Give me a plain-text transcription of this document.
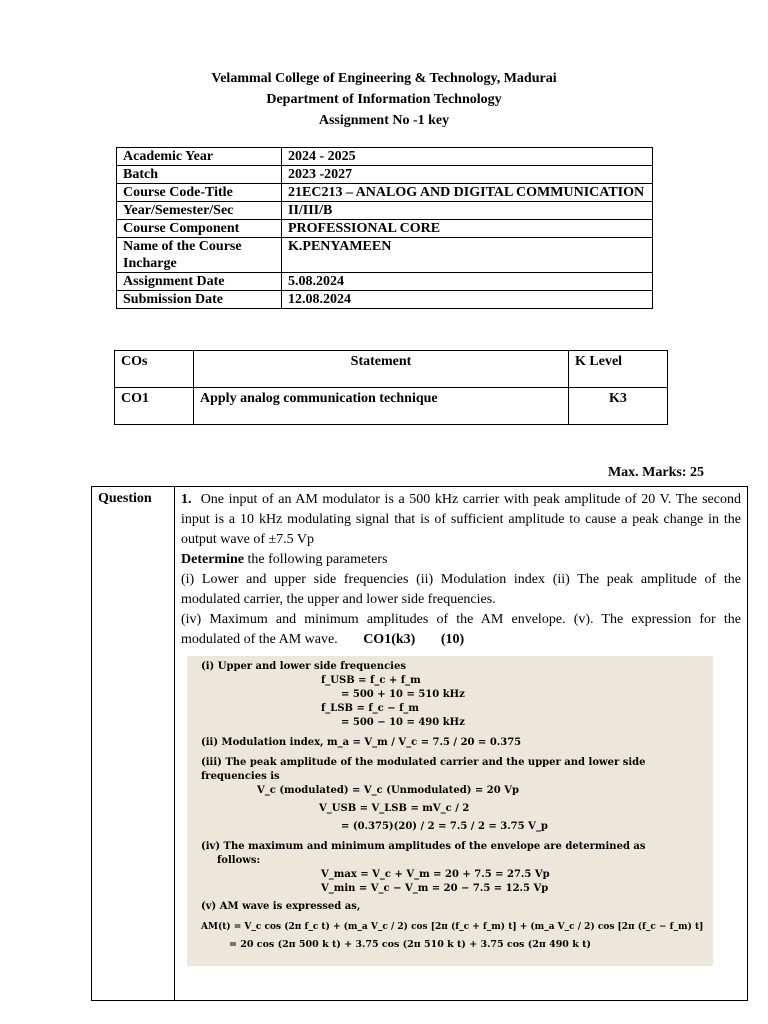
Velammal College of Engineering & Technology, Madurai
Department of Information Technology
Assignment No -1 key
Academic Year	2024 - 2025
Batch	2023 -2027
Course Code-Title	21EC213 – ANALOG AND DIGITAL COMMUNICATION
Year/Semester/Sec	II/III/B
Course Component	PROFESSIONAL CORE
Name of the Course Incharge	K.PENYAMEEN
Assignment Date	5.08.2024
Submission Date	12.08.2024
COs	Statement	K Level
CO1	Apply analog communication technique	K3
Max. Marks: 25
Question	1. One input of an AM modulator is a 500 kHz carrier with peak amplitude of 20 V. The second input is a 10 kHz modulating signal that is of sufficient amplitude to cause a peak change in the output wave of ±7.5 Vp
Determine the following parameters
(i) Lower and upper side frequencies (ii) Modulation index (ii) The peak amplitude of the modulated carrier, the upper and lower side frequencies.
(iv) Maximum and minimum amplitudes of the AM envelope. (v). The expression for the modulated of the AM wave. CO1(k3) (10)
(i) Upper and lower side frequencies
f_USB = f_c + f_m
= 500 + 10 = 510 kHz
f_LSB = f_c − f_m
= 500 − 10 = 490 kHz
(ii) Modulation index, m_a = V_m / V_c = 7.5 / 20 = 0.375
(iii) The peak amplitude of the modulated carrier and the upper and lower side
frequencies is
V_c (modulated) = V_c (Unmodulated) = 20 Vp
V_USB = V_LSB = mV_c / 2
= (0.375)(20) / 2 = 7.5 / 2 = 3.75 V_p
(iv) The maximum and minimum amplitudes of the envelope are determined as
follows:
V_max = V_c + V_m = 20 + 7.5 = 27.5 Vp
V_min = V_c − V_m = 20 − 7.5 = 12.5 Vp
(v) AM wave is expressed as,
AM(t) = V_c cos (2π f_c t) + (m_a V_c / 2) cos [2π (f_c + f_m) t] + (m_a V_c / 2) cos [2π (f_c − f_m) t]
= 20 cos (2π 500 k t) + 3.75 cos (2π 510 k t) + 3.75 cos (2π 490 k t)
